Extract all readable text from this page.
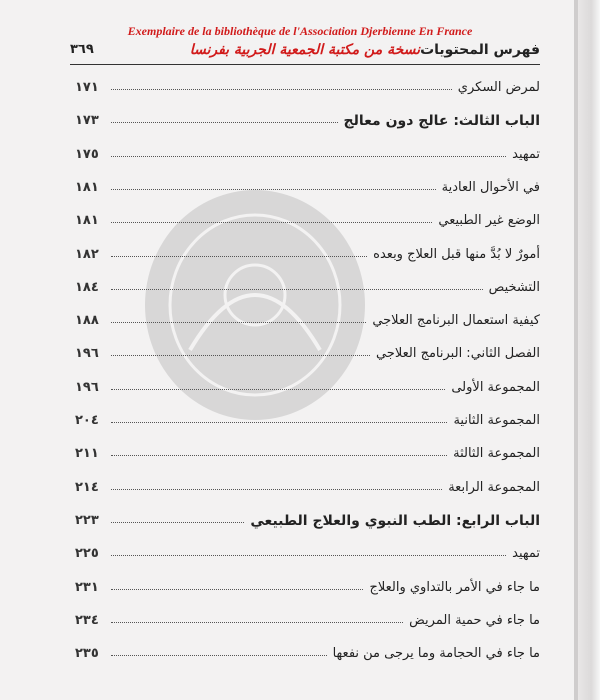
Exemplaire de la bibliothèque de l'Association Djerbienne En France
فهرس المحتويات
نسخة من مكتبة الجمعية الجربية بفرنسا
٣٦٩
لمرض السكري
١٧١
الباب الثالث: عالج دون معالج
١٧٣
تمهيد
١٧٥
في الأحوال العادية
١٨١
الوضع غير الطبيعي
١٨١
أمورٌ لا بُدَّ منها قبل العلاج وبعده
١٨٢
التشخيص
١٨٤
كيفية استعمال البرنامج العلاجي
١٨٨
الفصل الثاني: البرنامج العلاجي
١٩٦
المجموعة الأولى
١٩٦
المجموعة الثانية
٢٠٤
المجموعة الثالثة
٢١١
المجموعة الرابعة
٢١٤
الباب الرابع: الطب النبوي والعلاج الطبيعي
٢٢٣
تمهيد
٢٢٥
ما جاء في الأمر بالتداوي والعلاج
٢٣١
ما جاء في حمية المريض
٢٣٤
ما جاء في الحجامة وما يرجى من نفعها
٢٣٥
